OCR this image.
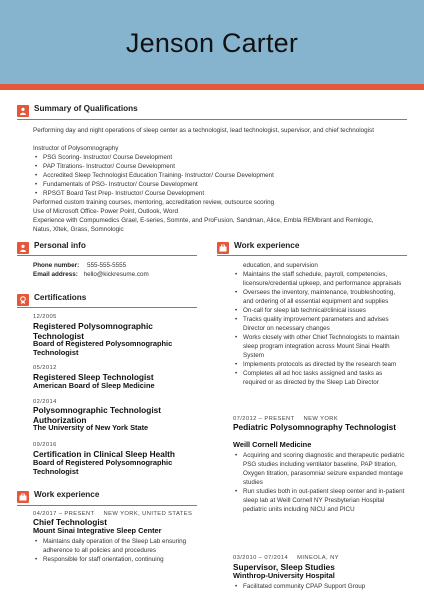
Jenson Carter
Summary of Qualifications
Performing day and night operations of sleep center as a technologist, lead technologist, supervisor, and chief technologist
Instructor of Polysomnography
• PSG Scoring- Instructor/ Course Development
• PAP Titrations- Instructor/ Course Development
• Accredited Sleep Technologist Education Training- Instructor/ Course Development
• Fundamentals of PSG- Instructor/ Course Development
• RPSGT Board Test Prep- Instructor/ Course Development
Performed custom training courses, mentoring, accreditation review, outsource scoring
Use of Microsoft Office- Power Point, Outlook, Word
Experience with Compumedics Grael, E-series, Somnte, and ProFusion, Sandman, Alice, Embla REMbrant and Remlogic,
Natus, Xltek, Grass, Somnologic
Personal info
Phone number: 555-555-5555
Email address: hello@kickresume.com
Certifications
12/2005
Registered Polysomnographic Technologist
Board of Registered Polysomnographic Technologist
05/2012
Registered Sleep Technologist
American Board of Sleep Medicine
02/2014
Polysomnographic Technologist Authorization
The University of New York State
09/2016
Certification in Clinical Sleep Health
Board of Registered Polysomnographic Technologist
Work experience
04/2017 – PRESENT NEW YORK, UNITED STATES
Chief Technologist
Mount Sinai Integrative Sleep Center
• Maintains daily operation of the Sleep Lab ensuring adherence to all policies and procedures
• Responsible for staff orientation, continuing
Work experience
education, and supervision
• Maintains the staff schedule, payroll, competencies, licensure/credential upkeep, and performance appraisals
• Oversees the inventory, maintenance, troubleshooting, and ordering of all essential equipment and supplies
• On-call for sleep lab technical/clinical issues
• Tracks quality improvement parameters and advises Director on necessary changes
• Works closely with other Chief Technologists to maintain sleep program integration across Mount Sinai Health System
• Implements protocols as directed by the research team
• Completes all ad hoc tasks assigned and tasks as required or as directed by the Sleep Lab Director
07/2012 – PRESENT NEW YORK
Pediatric Polysomnography Technologist
Weill Cornell Medicine
• Acquiring and scoring diagnostic and therapeutic pediatric PSG studies including ventilator baseline, PAP titration, Oxygen titration, parasomnia/ seizure expanded montage studies
• Run studies both in out-patient sleep center and in-patient sleep lab at Weill Cornell NY Presbyterian Hospital pediatric units including NICU and PICU
03/2010 – 07/2014 MINEOLA, NY
Supervisor, Sleep Studies
Winthrop-University Hospital
• Facilitated community CPAP Support Group
